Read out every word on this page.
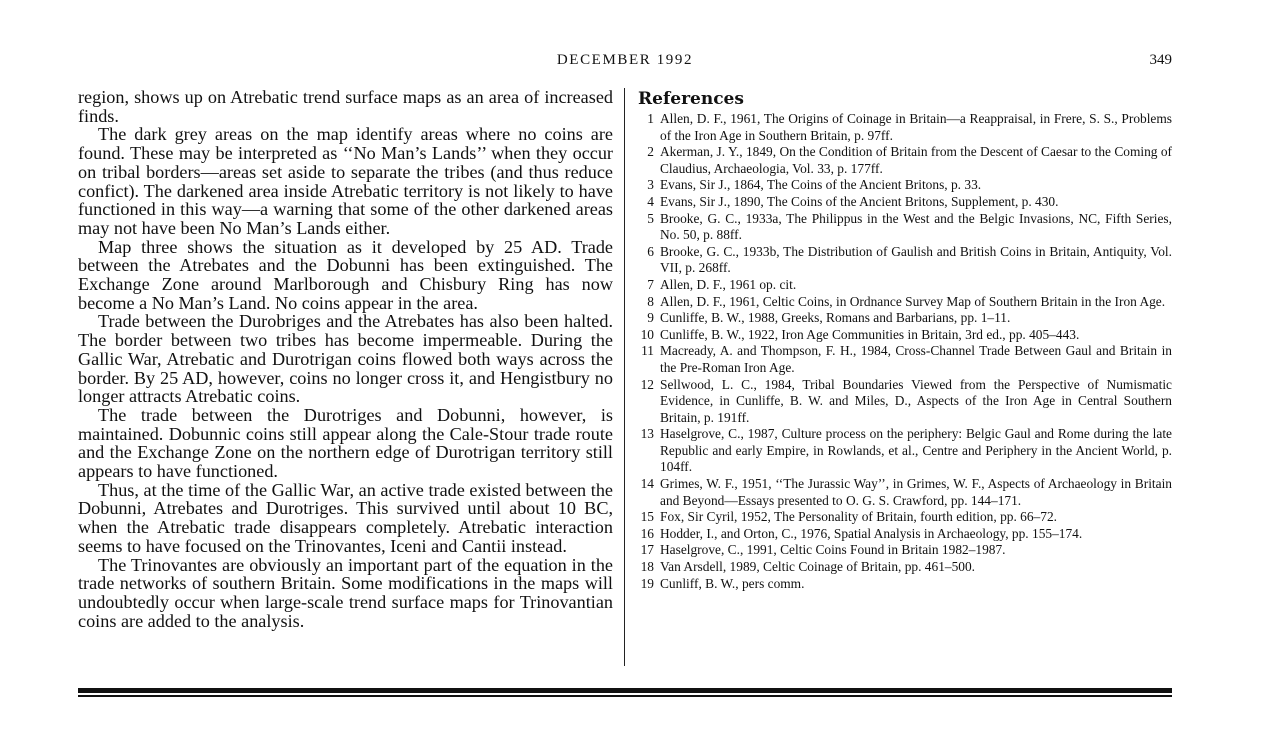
DECEMBER 1992	349

region, shows up on Atrebatic trend surface maps as an area of increased finds.

The dark grey areas on the map identify areas where no coins are found. These may be interpreted as ‘‘No Man’s Lands’’ when they occur on tribal borders—areas set aside to separate the tribes (and thus reduce confict). The darkened area inside Atrebatic territory is not likely to have functioned in this way—a warning that some of the other darkened areas may not have been No Man’s Lands either.

Map three shows the situation as it developed by 25 AD. Trade between the Atrebates and the Dobunni has been extinguished. The Exchange Zone around Marlborough and Chisbury Ring has now become a No Man’s Land. No coins appear in the area.

Trade between the Durobriges and the Atrebates has also been halted. The border between two tribes has become impermeable. During the Gallic War, Atrebatic and Durotrigan coins flowed both ways across the border. By 25 AD, however, coins no longer cross it, and Hengistbury no longer attracts Atrebatic coins.

The trade between the Durotriges and Dobunni, however, is maintained. Dobunnic coins still appear along the Cale-Stour trade route and the Exchange Zone on the northern edge of Durotrigan territory still appears to have functioned.

Thus, at the time of the Gallic War, an active trade existed between the Dobunni, Atrebates and Durotriges. This survived until about 10 BC, when the Atrebatic trade disappears completely. Atrebatic interaction seems to have focused on the Trinovantes, Iceni and Cantii instead.

The Trinovantes are obviously an important part of the equation in the trade networks of southern Britain. Some modifications in the maps will undoubtedly occur when large-scale trend surface maps for Trinovantian coins are added to the analysis.

References
1 Allen, D. F., 1961, The Origins of Coinage in Britain—a Reappraisal, in Frere, S. S., Problems of the Iron Age in Southern Britain, p. 97ff.
2 Akerman, J. Y., 1849, On the Condition of Britain from the Descent of Caesar to the Coming of Claudius, Archaeologia, Vol. 33, p. 177ff.
3 Evans, Sir J., 1864, The Coins of the Ancient Britons, p. 33.
4 Evans, Sir J., 1890, The Coins of the Ancient Britons, Supplement, p. 430.
5 Brooke, G. C., 1933a, The Philippus in the West and the Belgic Invasions, NC, Fifth Series, No. 50, p. 88ff.
6 Brooke, G. C., 1933b, The Distribution of Gaulish and British Coins in Britain, Antiquity, Vol. VII, p. 268ff.
7 Allen, D. F., 1961 op. cit.
8 Allen, D. F., 1961, Celtic Coins, in Ordnance Survey Map of Southern Britain in the Iron Age.
9 Cunliffe, B. W., 1988, Greeks, Romans and Barbarians, pp. 1–11.
10 Cunliffe, B. W., 1922, Iron Age Communities in Britain, 3rd ed., pp. 405–443.
11 Macready, A. and Thompson, F. H., 1984, Cross-Channel Trade Between Gaul and Britain in the Pre-Roman Iron Age.
12 Sellwood, L. C., 1984, Tribal Boundaries Viewed from the Perspective of Numismatic Evidence, in Cunliffe, B. W. and Miles, D., Aspects of the Iron Age in Central Southern Britain, p. 191ff.
13 Haselgrove, C., 1987, Culture process on the periphery: Belgic Gaul and Rome during the late Republic and early Empire, in Rowlands, et al., Centre and Periphery in the Ancient World, p. 104ff.
14 Grimes, W. F., 1951, ‘‘The Jurassic Way’’, in Grimes, W. F., Aspects of Archaeology in Britain and Beyond—Essays presented to O. G. S. Crawford, pp. 144–171.
15 Fox, Sir Cyril, 1952, The Personality of Britain, fourth edition, pp. 66–72.
16 Hodder, I., and Orton, C., 1976, Spatial Analysis in Archaeology, pp. 155–174.
17 Haselgrove, C., 1991, Celtic Coins Found in Britain 1982–1987.
18 Van Arsdell, 1989, Celtic Coinage of Britain, pp. 461–500.
19 Cunliff, B. W., pers comm.
